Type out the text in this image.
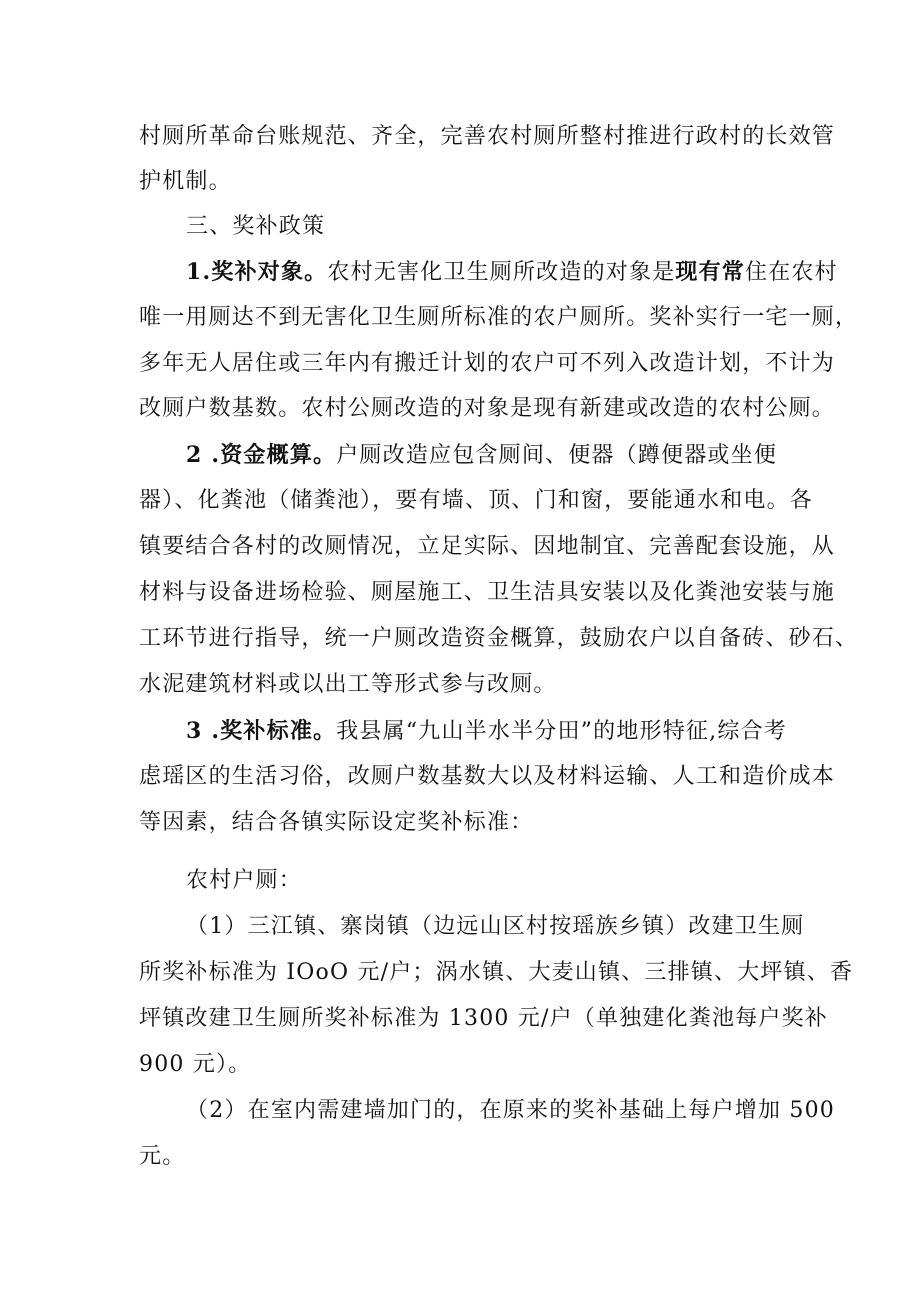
村厕所革命台账规范、齐全，完善农村厕所整村推进行政村的长效管
护机制。
三、奖补政策
1.奖补对象。农村无害化卫生厕所改造的对象是现有常住在农村
唯一用厕达不到无害化卫生厕所标准的农户厕所。奖补实行一宅一厕，
多年无人居住或三年内有搬迁计划的农户可不列入改造计划，不计为
改厕户数基数。农村公厕改造的对象是现有新建或改造的农村公厕。
2 .资金概算。户厕改造应包含厕间、便器（蹲便器或坐便
器）、化粪池（储粪池），要有墙、顶、门和窗，要能通水和电。各
镇要结合各村的改厕情况，立足实际、因地制宜、完善配套设施，从
材料与设备进场检验、厕屋施工、卫生洁具安装以及化粪池安装与施
工环节进行指导，统一户厕改造资金概算，鼓励农户以自备砖、砂石、
水泥建筑材料或以出工等形式参与改厕。
3 .奖补标准。我县属“九山半水半分田”的地形特征,综合考
虑瑶区的生活习俗，改厕户数基数大以及材料运输、人工和造价成本
等因素，结合各镇实际设定奖补标准：
农村户厕：
（1）三江镇、寨岗镇（边远山区村按瑶族乡镇）改建卫生厕
所奖补标准为 IOoO 元/户；涡水镇、大麦山镇、三排镇、大坪镇、香
坪镇改建卫生厕所奖补标准为 1300 元/户（单独建化粪池每户奖补
900 元）。
（2）在室内需建墙加门的，在原来的奖补基础上每户增加 500
元。
